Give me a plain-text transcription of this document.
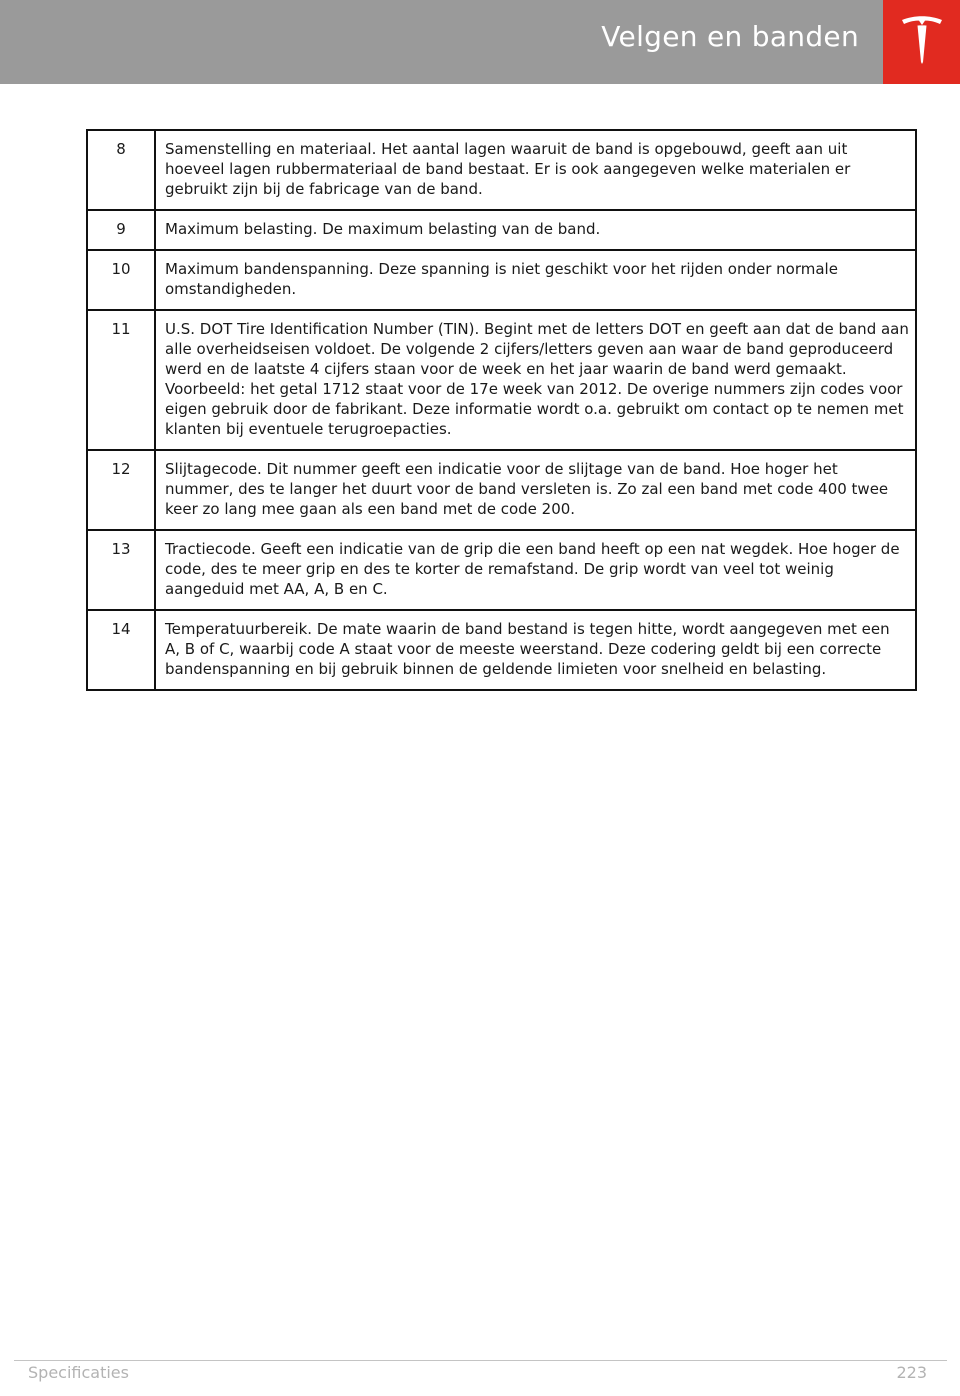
Velgen en banden
8	Samenstelling en materiaal. Het aantal lagen waaruit de band is opgebouwd, geeft aan uit hoeveel lagen rubbermateriaal de band bestaat. Er is ook aangegeven welke materialen er gebruikt zijn bij de fabricage van de band.
9	Maximum belasting. De maximum belasting van de band.
10	Maximum bandenspanning. Deze spanning is niet geschikt voor het rijden onder normale omstandigheden.
11	U.S. DOT Tire Identification Number (TIN). Begint met de letters DOT en geeft aan dat de band aan alle overheidseisen voldoet. De volgende 2 cijfers/letters geven aan waar de band geproduceerd werd en de laatste 4 cijfers staan voor de week en het jaar waarin de band werd gemaakt. Voorbeeld: het getal 1712 staat voor de 17e week van 2012. De overige nummers zijn codes voor eigen gebruik door de fabrikant. Deze informatie wordt o.a. gebruikt om contact op te nemen met klanten bij eventuele terugroepacties.
12	Slijtagecode. Dit nummer geeft een indicatie voor de slijtage van de band. Hoe hoger het nummer, des te langer het duurt voor de band versleten is. Zo zal een band met code 400 twee keer zo lang mee gaan als een band met de code 200.
13	Tractiecode. Geeft een indicatie van de grip die een band heeft op een nat wegdek. Hoe hoger de code, des te meer grip en des te korter de remafstand. De grip wordt van veel tot weinig aangeduid met AA, A, B en C.
14	Temperatuurbereik. De mate waarin de band bestand is tegen hitte, wordt aangegeven met een A, B of C, waarbij code A staat voor de meeste weerstand. Deze codering geldt bij een correcte bandenspanning en bij gebruik binnen de geldende limieten voor snelheid en belasting.
Specificaties	223
